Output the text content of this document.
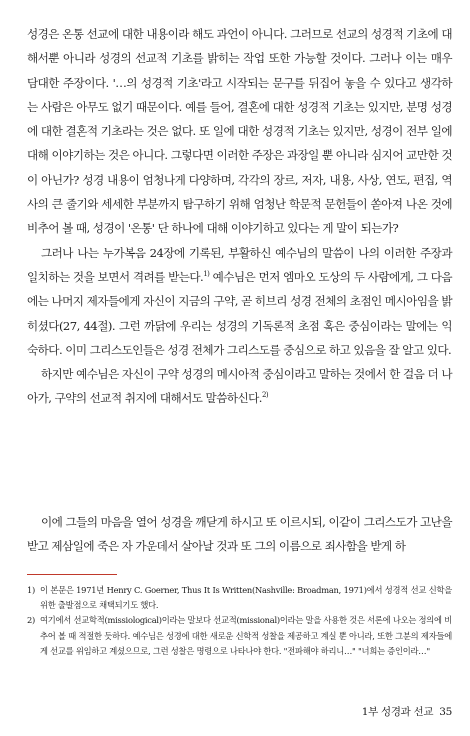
성경은 온통 선교에 대한 내용이라 해도 과언이 아니다. 그러므로 선교의 성경적 기초에 대해서뿐 아니라 성경의 선교적 기초를 밝히는 작업 또한 가능할 것이다. 그러나 이는 매우 담대한 주장이다. '…의 성경적 기초'라고 시작되는 문구를 뒤집어 놓을 수 있다고 생각하는 사람은 아무도 없기 때문이다. 예를 들어, 결혼에 대한 성경적 기초는 있지만, 분명 성경에 대한 결혼적 기초라는 것은 없다. 또 일에 대한 성경적 기초는 있지만, 성경이 전부 일에 대해 이야기하는 것은 아니다. 그렇다면 이러한 주장은 과장일 뿐 아니라 심지어 교만한 것이 아닌가? 성경 내용이 엄청나게 다양하며, 각각의 장르, 저자, 내용, 사상, 연도, 편집, 역사의 큰 줄기와 세세한 부분까지 탐구하기 위해 엄청난 학문적 문헌들이 쏟아져 나온 것에 비추어 볼 때, 성경이 '온통' 단 하나에 대해 이야기하고 있다는 게 말이 되는가?

그러나 나는 누가복음 24장에 기록된, 부활하신 예수님의 말씀이 나의 이러한 주장과 일치하는 것을 보면서 격려를 받는다.$^{1)}$ 예수님은 먼저 엠마오 도상의 두 사람에게, 그 다음에는 나머지 제자들에게 자신이 지금의 구약, 곧 히브리 성경 전체의 초점인 메시아임을 밝히셨다(27, 44절). 그런 까닭에 우리는 성경의 기독론적 초점 혹은 중심이라는 말에는 익숙하다. 이미 그리스도인들은 성경 전체가 그리스도를 중심으로 하고 있음을 잘 알고 있다.

하지만 예수님은 자신이 구약 성경의 메시아적 중심이라고 말하는 것에서 한 걸음 더 나아가, 구약의 선교적 취지에 대해서도 말씀하신다.$^{2)}$

이에 그들의 마음을 열어 성경을 깨닫게 하시고 또 이르시되, 이같이 그리스도가 고난을 받고 제삼일에 죽은 자 가운데서 살아날 것과 또 그의 이름으로 죄사함을 받게 하

1) 이 본문은 1971년 Henry C. Goerner, Thus It Is Written(Nashville: Broadman, 1971)에서 성경적 선교 신학을 위한 출발점으로 채택되기도 했다.

2) 여기에서 선교학적(missiological)이라는 말보다 선교적(missional)이라는 말을 사용한 것은 서론에 나오는 정의에 비추어 볼 때 적절한 듯하다. 예수님은 성경에 대한 새로운 신학적 성찰을 제공하고 계실 뿐 아니라, 또한 그분의 제자들에게 선교를 위임하고 계셨으므로, 그런 성찰은 명령으로 나타나야 한다. "전파해야 하리니…" "너희는 증인이라…"

1부 성경과 선교 35
